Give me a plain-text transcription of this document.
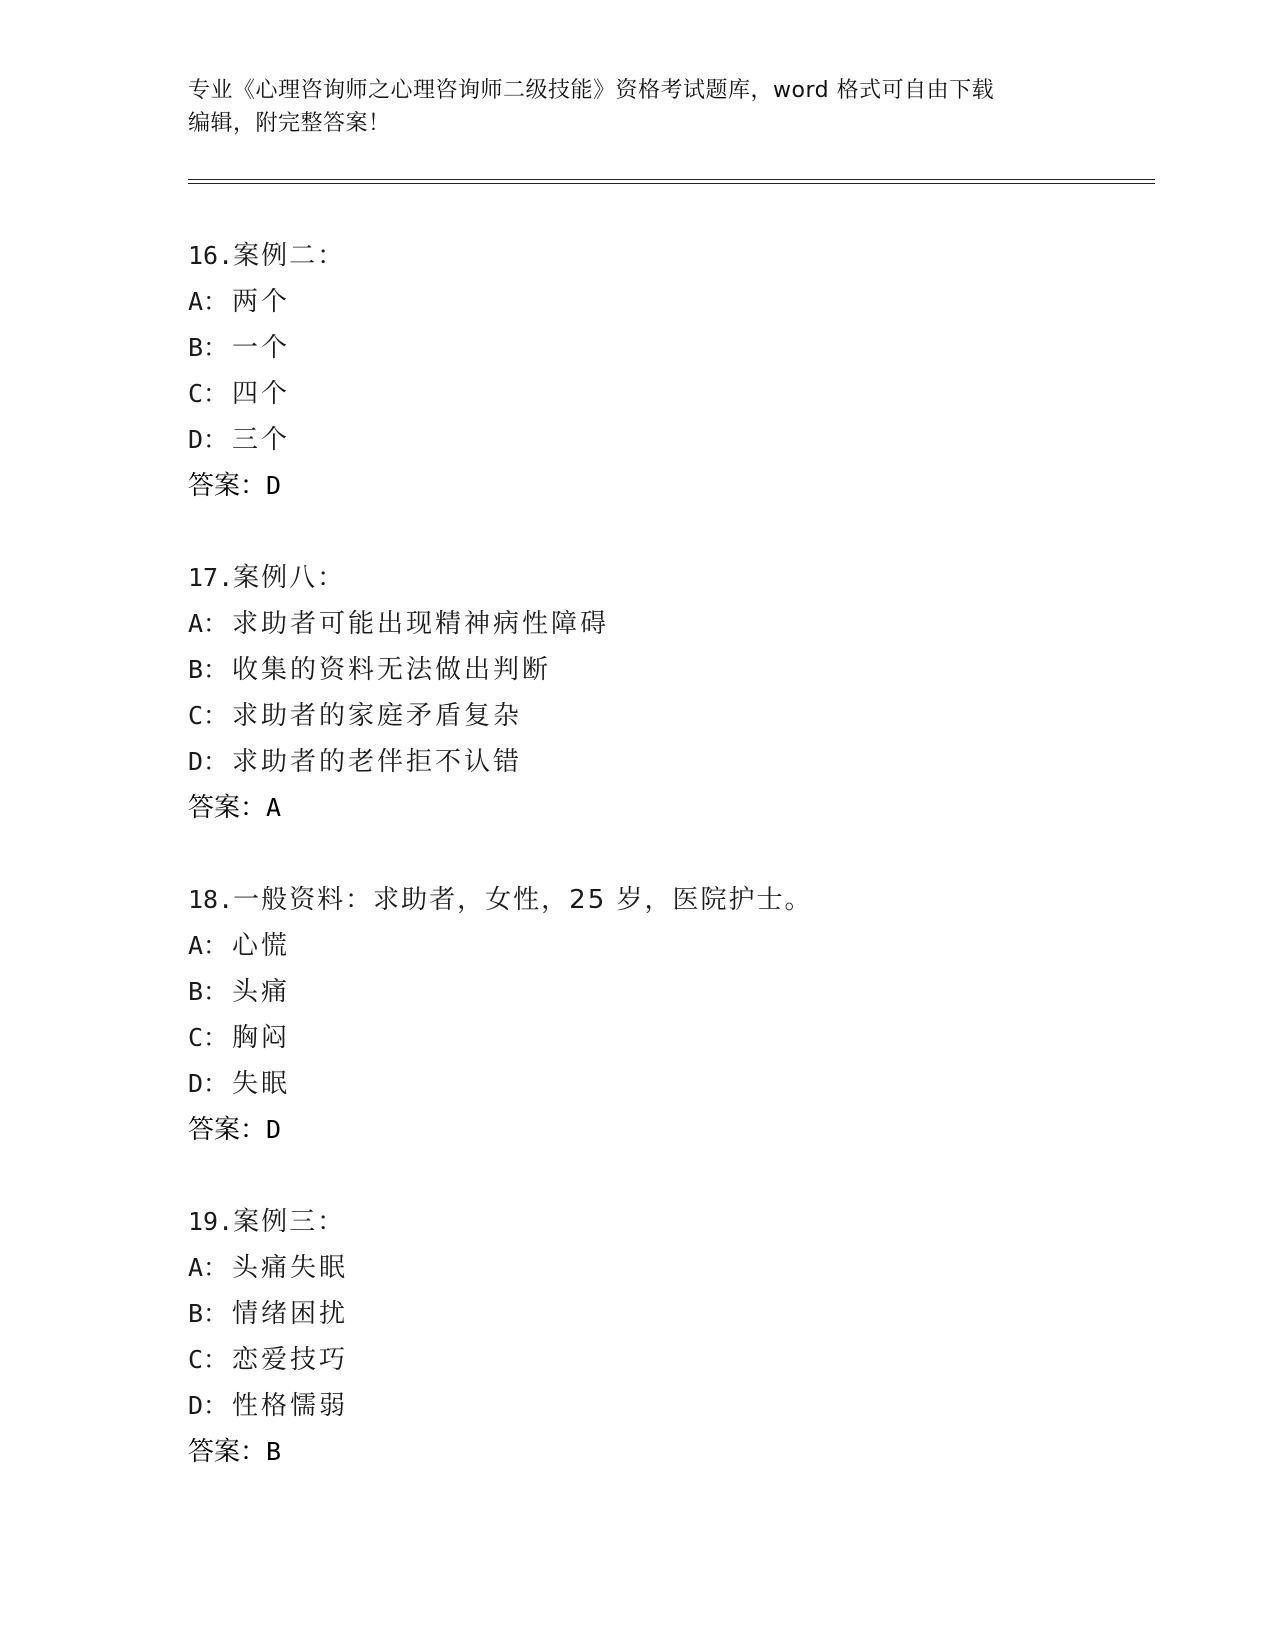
专业《心理咨询师之心理咨询师二级技能》资格考试题库，word 格式可自由下载
编辑，附完整答案！
16.案例二：
A： 两个
B： 一个
C： 四个
D： 三个
答案：D
17.案例八：
A： 求助者可能出现精神病性障碍
B： 收集的资料无法做出判断
C： 求助者的家庭矛盾复杂
D： 求助者的老伴拒不认错
答案：A
18.一般资料：求助者，女性，25 岁，医院护士。
A： 心慌
B： 头痛
C： 胸闷
D： 失眠
答案：D
19.案例三：
A： 头痛失眠
B： 情绪困扰
C： 恋爱技巧
D： 性格懦弱
答案：B
